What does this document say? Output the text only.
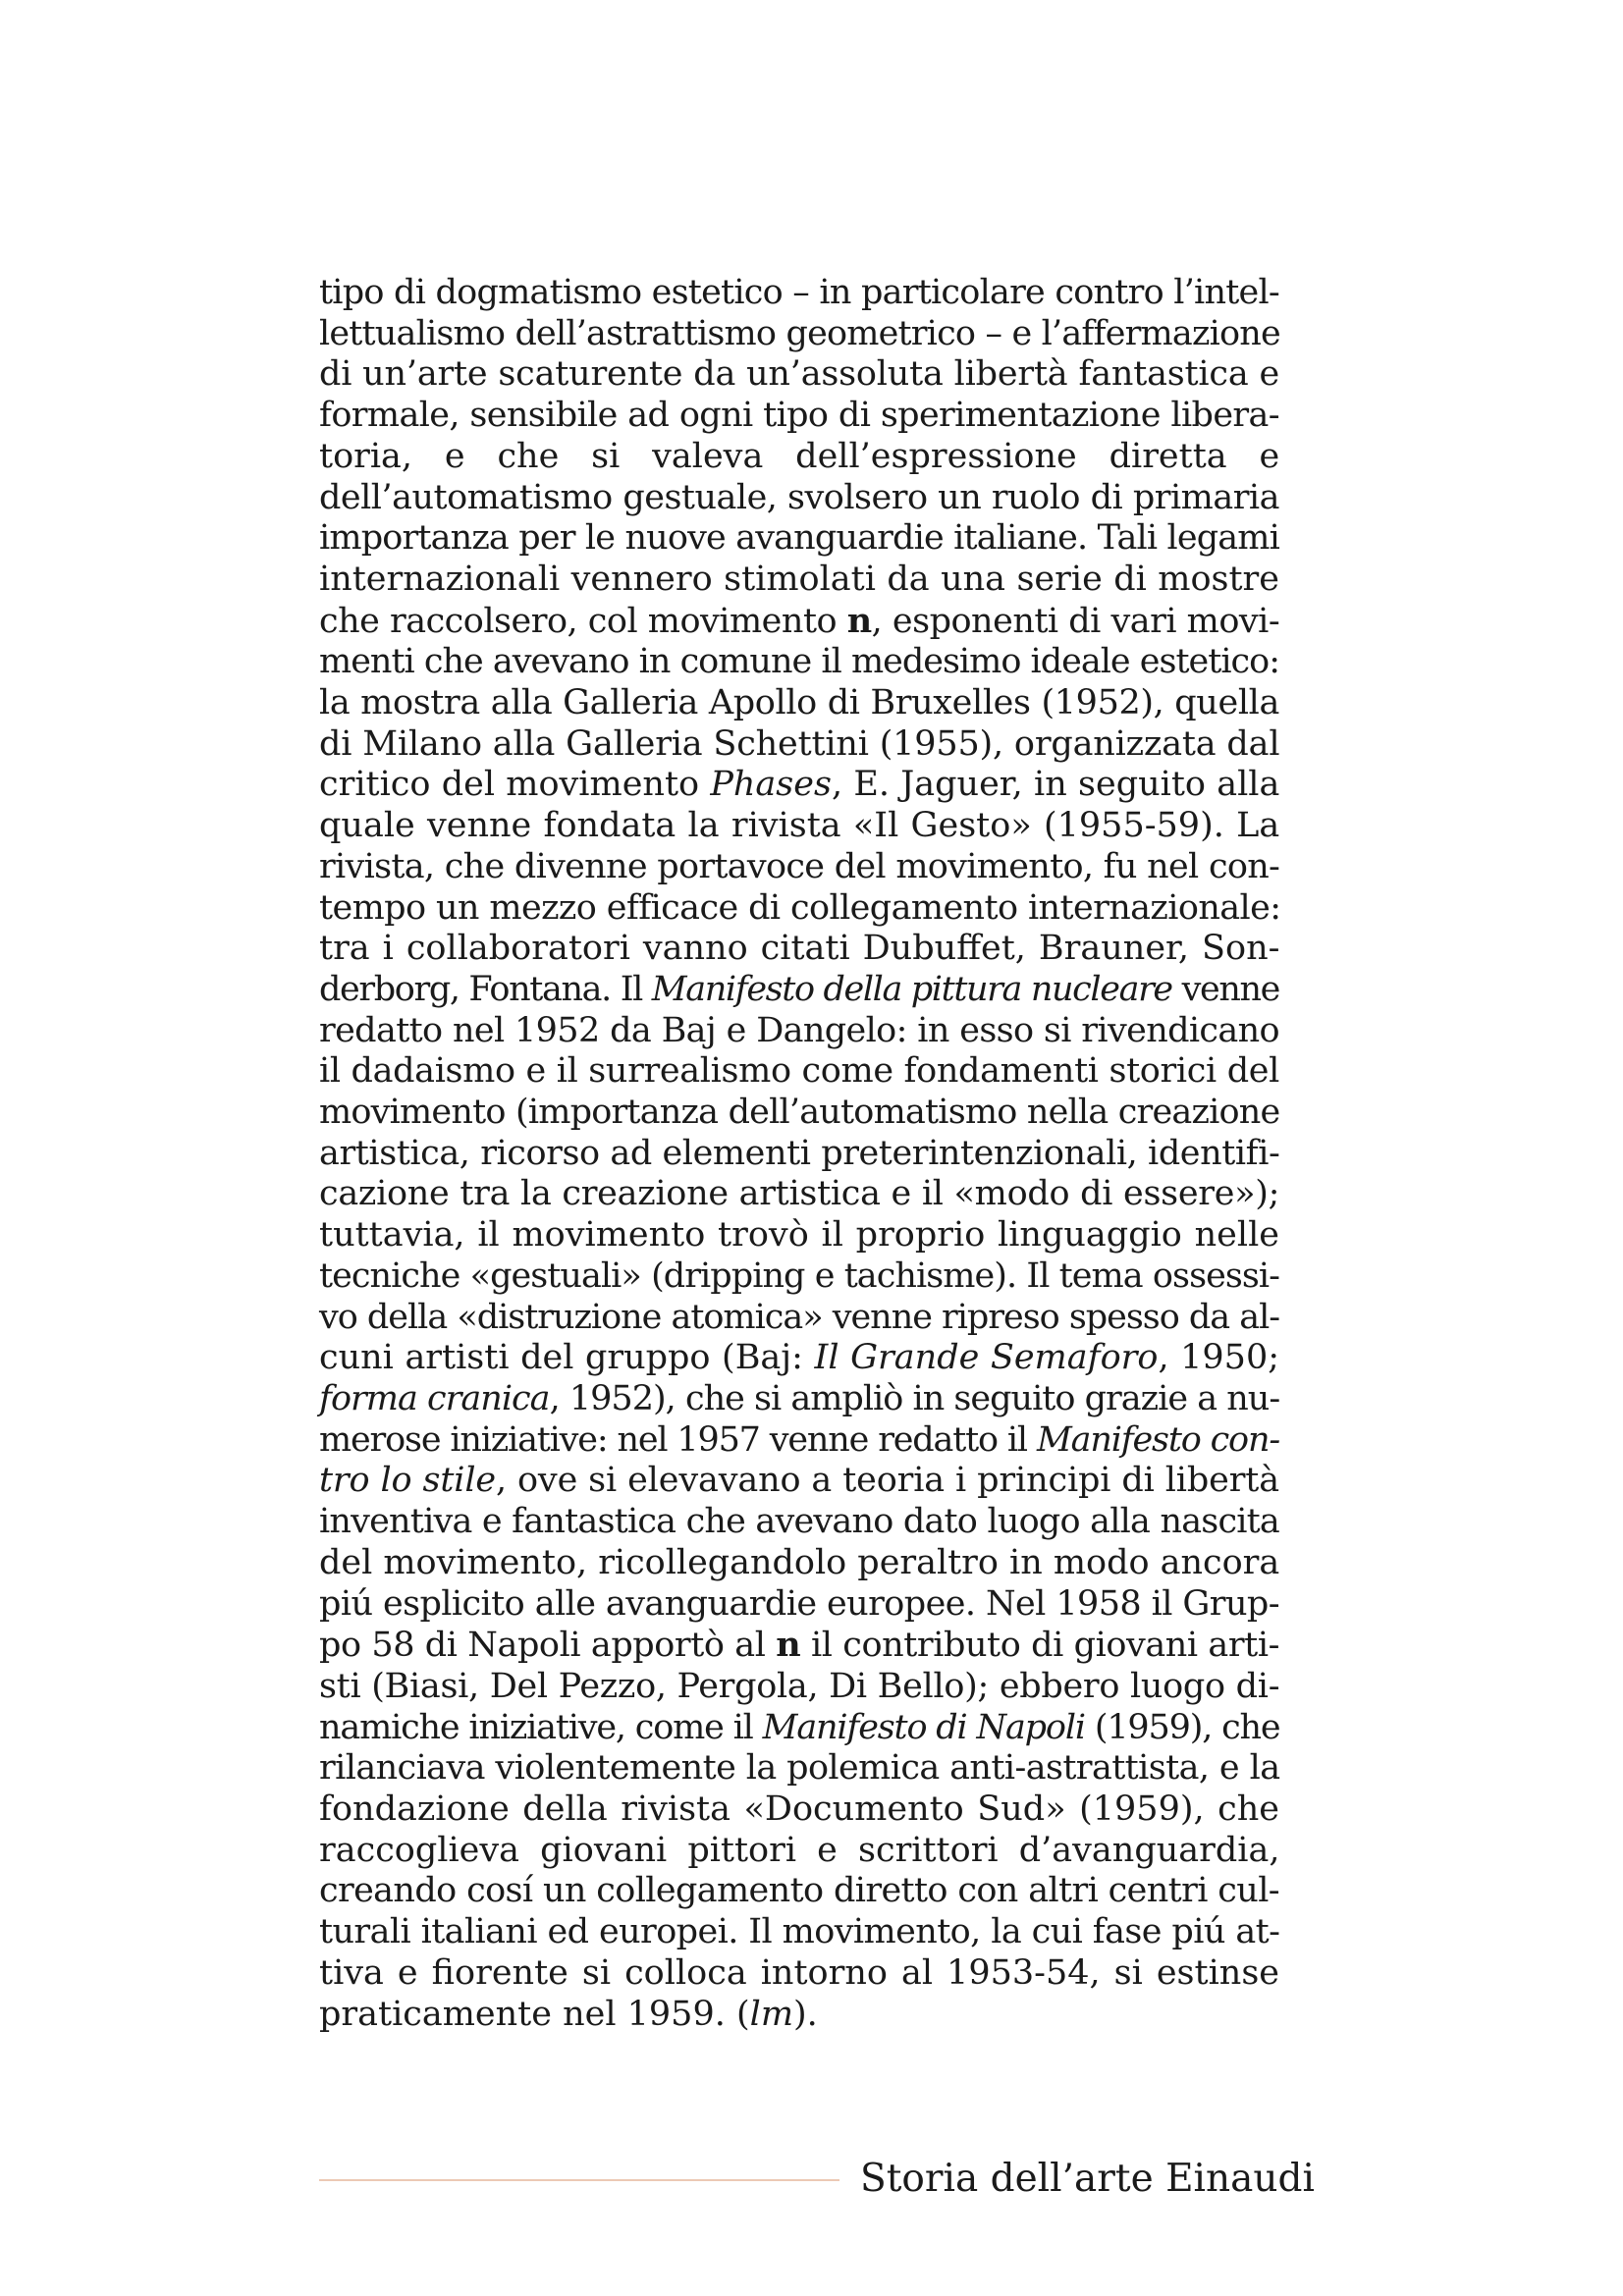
tipo di dogmatismo estetico – in particolare contro l’intel-
lettualismo dell’astrattismo geometrico – e l’affermazione
di un’arte scaturente da un’assoluta libertà fantastica e
formale, sensibile ad ogni tipo di sperimentazione libera-
toria, e che si valeva dell’espressione diretta e
dell’automatismo gestuale, svolsero un ruolo di primaria
importanza per le nuove avanguardie italiane. Tali legami
internazionali vennero stimolati da una serie di mostre
che raccolsero, col movimento n, esponenti di vari movi-
menti che avevano in comune il medesimo ideale estetico:
la mostra alla Galleria Apollo di Bruxelles (1952), quella
di Milano alla Galleria Schettini (1955), organizzata dal
critico del movimento Phases, E. Jaguer, in seguito alla
quale venne fondata la rivista «Il Gesto» (1955-59). La
rivista, che divenne portavoce del movimento, fu nel con-
tempo un mezzo efficace di collegamento internazionale:
tra i collaboratori vanno citati Dubuffet, Brauner, Son-
derborg, Fontana. Il Manifesto della pittura nucleare venne
redatto nel 1952 da Baj e Dangelo: in esso si rivendicano
il dadaismo e il surrealismo come fondamenti storici del
movimento (importanza dell’automatismo nella creazione
artistica, ricorso ad elementi preterintenzionali, identifi-
cazione tra la creazione artistica e il «modo di essere»);
tuttavia, il movimento trovò il proprio linguaggio nelle
tecniche «gestuali» (dripping e tachisme). Il tema ossessi-
vo della «distruzione atomica» venne ripreso spesso da al-
cuni artisti del gruppo (Baj: Il Grande Semaforo, 1950;
forma cranica, 1952), che si ampliò in seguito grazie a nu-
merose iniziative: nel 1957 venne redatto il Manifesto con-
tro lo stile, ove si elevavano a teoria i principi di libertà
inventiva e fantastica che avevano dato luogo alla nascita
del movimento, ricollegandolo peraltro in modo ancora
piú esplicito alle avanguardie europee. Nel 1958 il Grup-
po 58 di Napoli apportò al n il contributo di giovani arti-
sti (Biasi, Del Pezzo, Pergola, Di Bello); ebbero luogo di-
namiche iniziative, come il Manifesto di Napoli (1959), che
rilanciava violentemente la polemica anti-astrattista, e la
fondazione della rivista «Documento Sud» (1959), che
raccoglieva giovani pittori e scrittori d’avanguardia,
creando cosí un collegamento diretto con altri centri cul-
turali italiani ed europei. Il movimento, la cui fase piú at-
tiva e fiorente si colloca intorno al 1953-54, si estinse
praticamente nel 1959. (lm).
Storia dell’arte Einaudi
